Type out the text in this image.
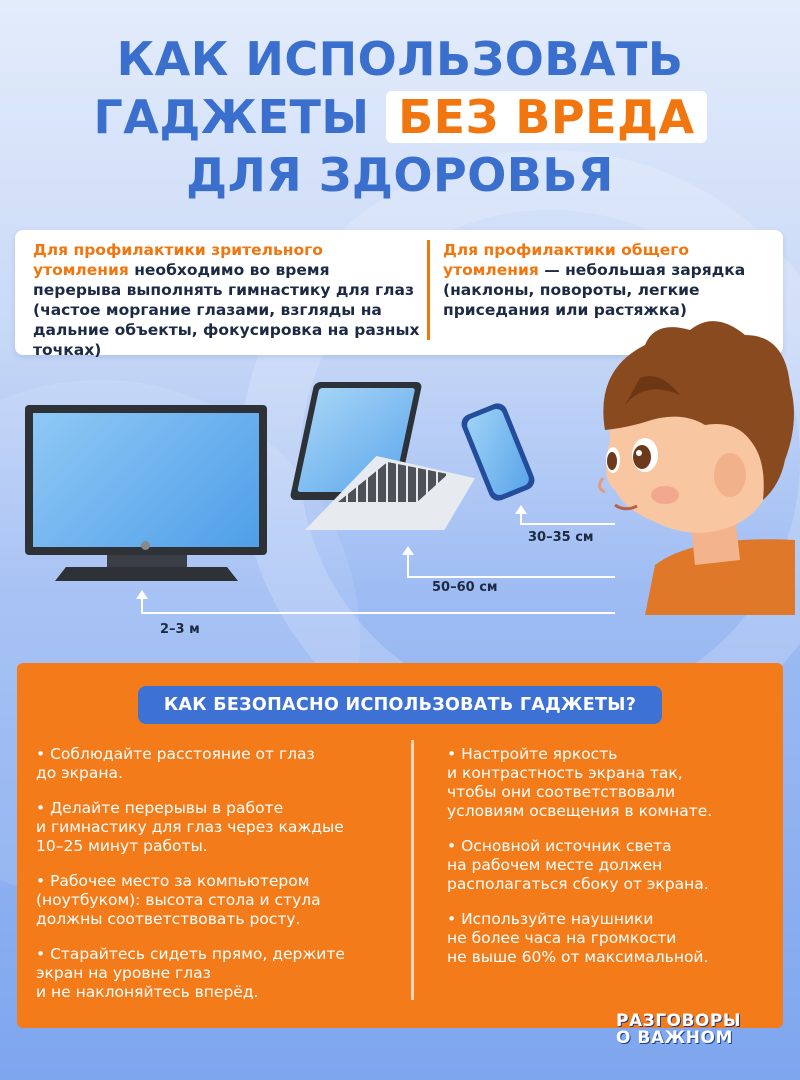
КАК ИСПОЛЬЗОВАТЬ
ГАДЖЕТЫ БЕЗ ВРЕДА
ДЛЯ ЗДОРОВЬЯ
Для профилактики зрительного утомления необходимо во время перерыва выполнять гимнастику для глаз (частое моргание глазами, взгляды на дальние объекты, фокусировка на разных точках)
Для профилактики общего утомления — небольшая зарядка (наклоны, повороты, легкие приседания или растяжка)
30–35 см
50–60 см
2–3 м
КАК БЕЗОПАСНО ИСПОЛЬЗОВАТЬ ГАДЖЕТЫ?
• Соблюдайте расстояние от глаз
до экрана.
• Делайте перерывы в работе
и гимнастику для глаз через каждые
10–25 минут работы.
• Рабочее место за компьютером
(ноутбуком): высота стола и стула
должны соответствовать росту.
• Старайтесь сидеть прямо, держите
экран на уровне глаз
и не наклоняйтесь вперёд.
• Настройте яркость
и контрастность экрана так,
чтобы они соответствовали
условиям освещения в комнате.
• Основной источник света
на рабочем месте должен
располагаться сбоку от экрана.
• Используйте наушники
не более часа на громкости
не выше 60% от максимальной.
РАЗГОВОРЫ
О ВАЖНОМ
